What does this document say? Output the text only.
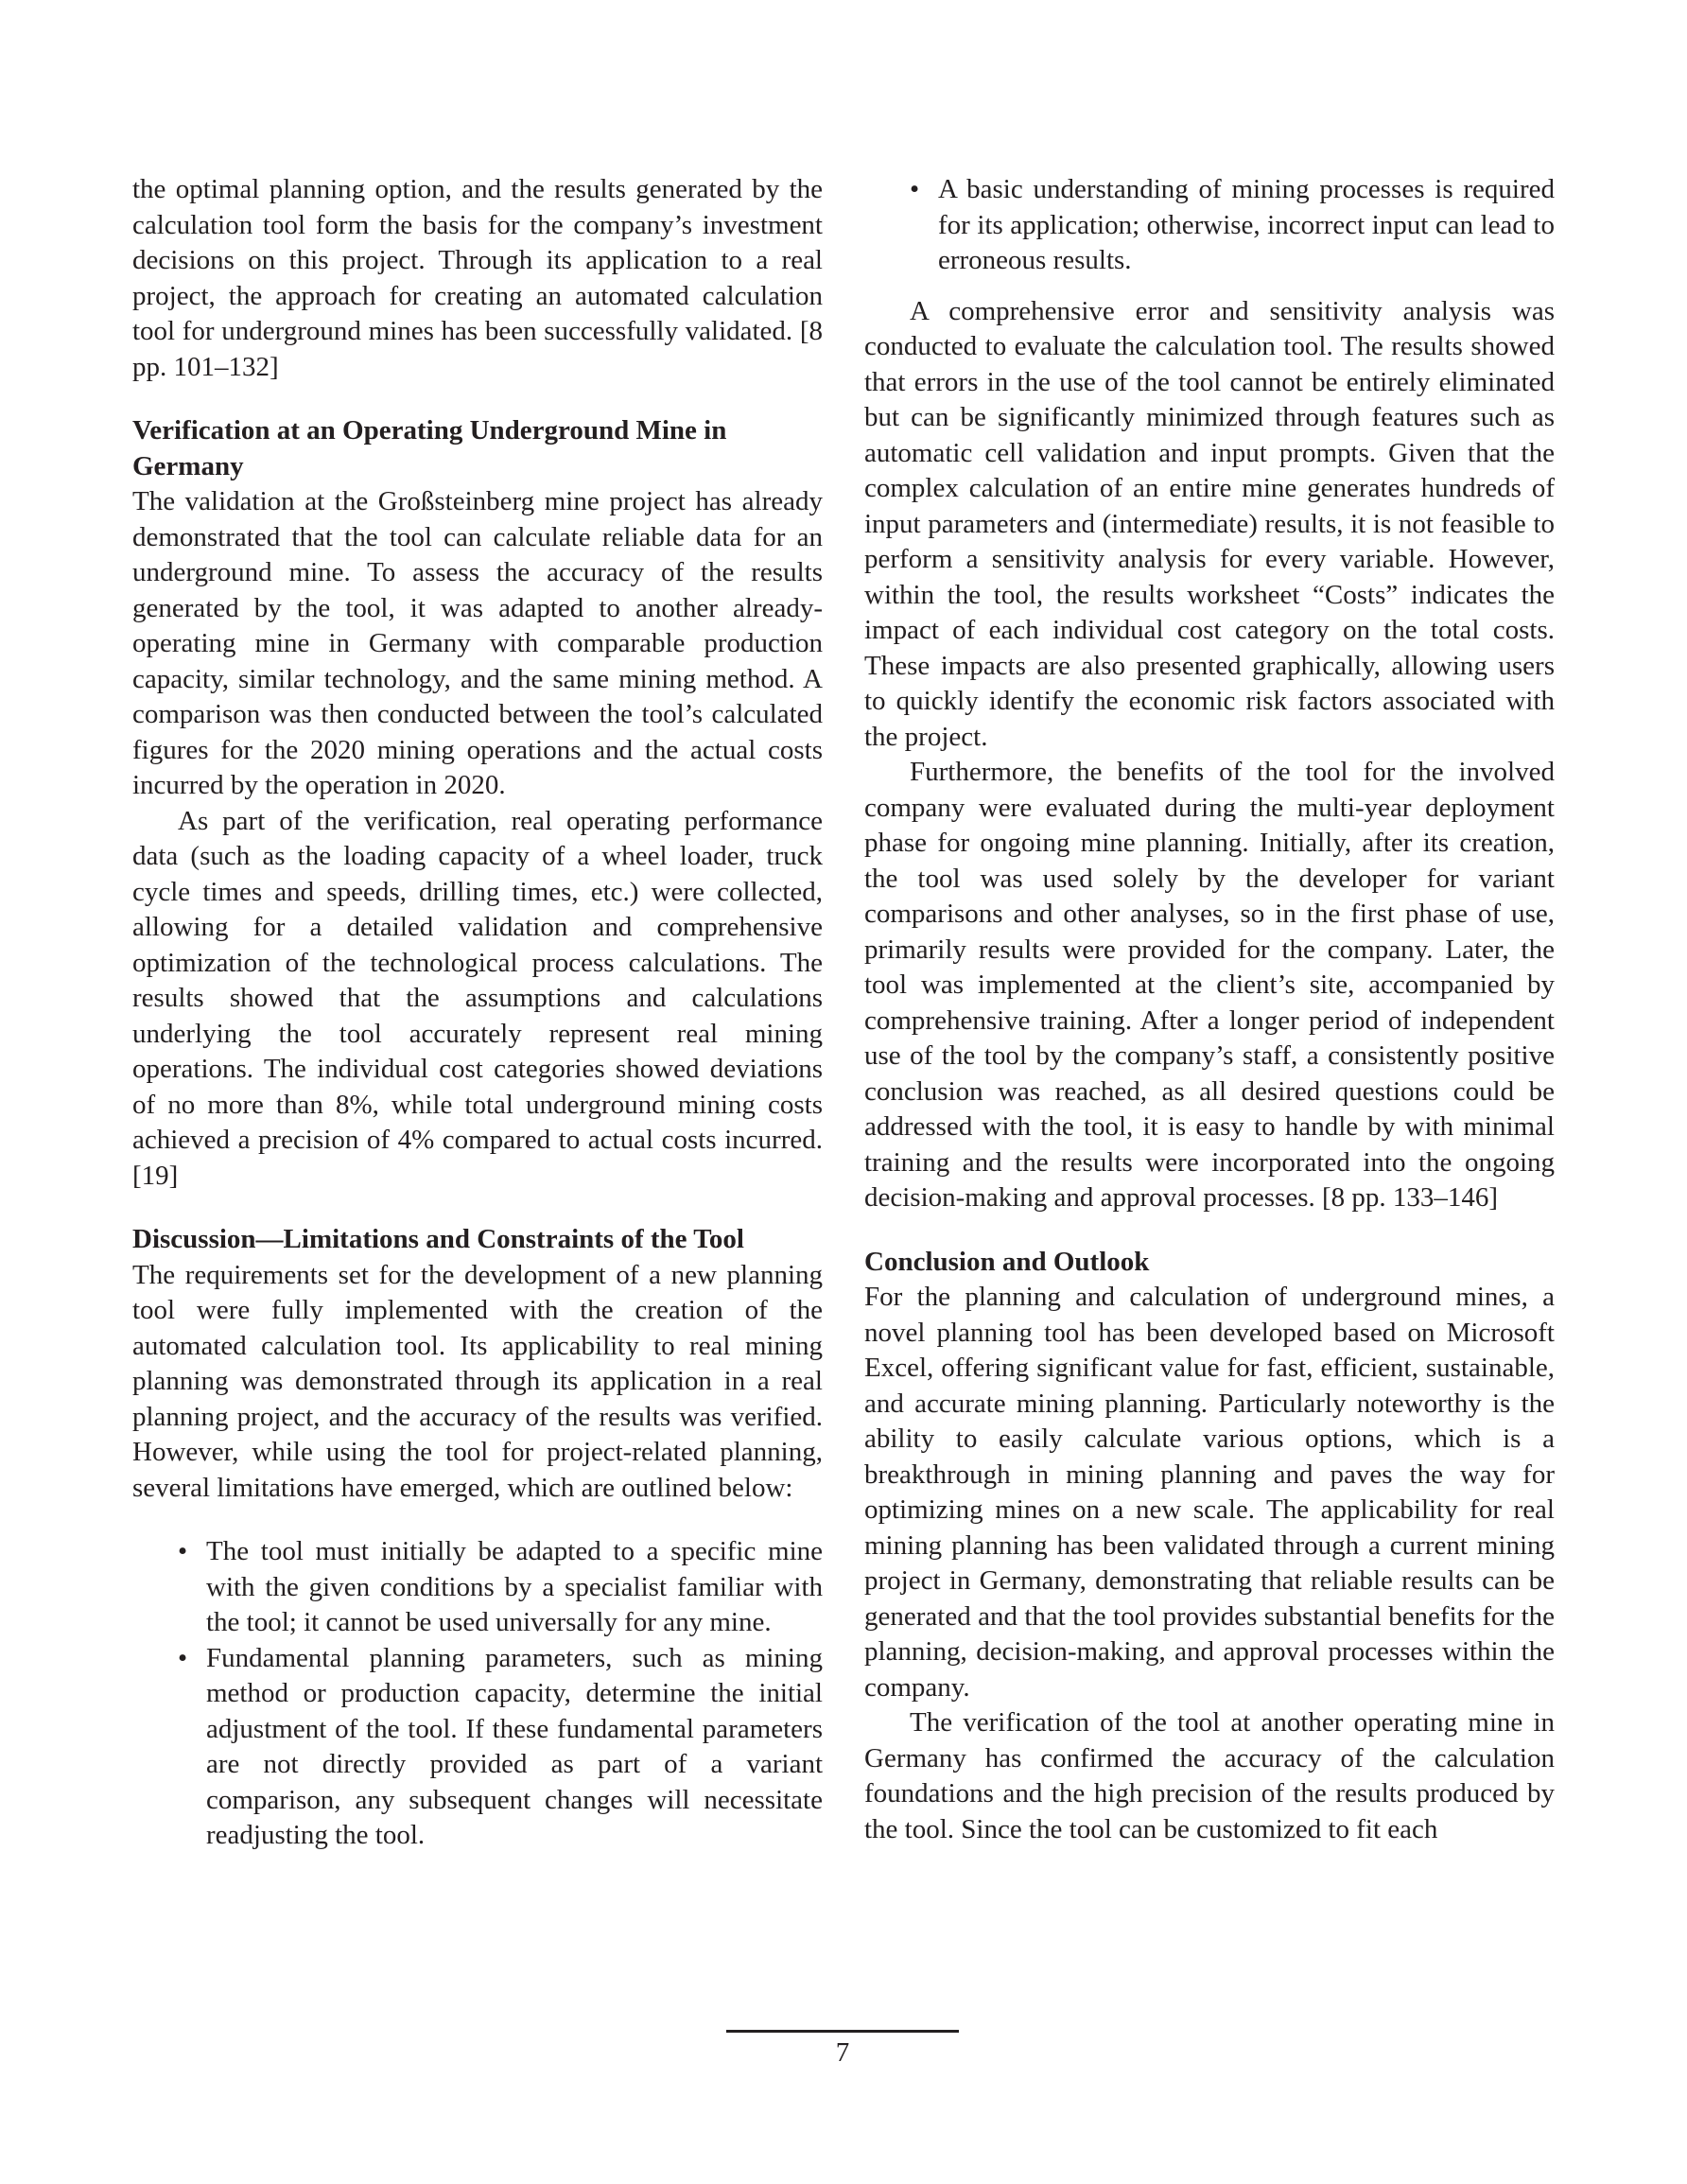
the optimal planning option, and the results generated by the calculation tool form the basis for the company’s investment decisions on this project. Through its application to a real project, the approach for creating an automated calculation tool for underground mines has been successfully validated. [8 pp. 101–132]

Verification at an Operating Underground Mine in Germany

The validation at the Großsteinberg mine project has already demonstrated that the tool can calculate reliable data for an underground mine. To assess the accuracy of the results generated by the tool, it was adapted to another already-operating mine in Germany with comparable production capacity, similar technology, and the same mining method. A comparison was then conducted between the tool’s calculated figures for the 2020 mining operations and the actual costs incurred by the operation in 2020.

As part of the verification, real operating performance data (such as the loading capacity of a wheel loader, truck cycle times and speeds, drilling times, etc.) were collected, allowing for a detailed validation and comprehensive optimization of the technological process calculations. The results showed that the assumptions and calculations underlying the tool accurately represent real mining operations. The individual cost categories showed deviations of no more than 8%, while total underground mining costs achieved a precision of 4% compared to actual costs incurred. [19]

Discussion—Limitations and Constraints of the Tool

The requirements set for the development of a new planning tool were fully implemented with the creation of the automated calculation tool. Its applicability to real mining planning was demonstrated through its application in a real planning project, and the accuracy of the results was verified. However, while using the tool for project-related planning, several limitations have emerged, which are outlined below:

• The tool must initially be adapted to a specific mine with the given conditions by a specialist familiar with the tool; it cannot be used universally for any mine.
• Fundamental planning parameters, such as mining method or production capacity, determine the initial adjustment of the tool. If these fundamental parameters are not directly provided as part of a variant comparison, any subsequent changes will necessitate readjusting the tool.
• A basic understanding of mining processes is required for its application; otherwise, incorrect input can lead to erroneous results.

A comprehensive error and sensitivity analysis was conducted to evaluate the calculation tool. The results showed that errors in the use of the tool cannot be entirely eliminated but can be significantly minimized through features such as automatic cell validation and input prompts. Given that the complex calculation of an entire mine generates hundreds of input parameters and (intermediate) results, it is not feasible to perform a sensitivity analysis for every variable. However, within the tool, the results worksheet “Costs” indicates the impact of each individual cost category on the total costs. These impacts are also presented graphically, allowing users to quickly identify the economic risk factors associated with the project.

Furthermore, the benefits of the tool for the involved company were evaluated during the multi-year deployment phase for ongoing mine planning. Initially, after its creation, the tool was used solely by the developer for variant comparisons and other analyses, so in the first phase of use, primarily results were provided for the company. Later, the tool was implemented at the client’s site, accompanied by comprehensive training. After a longer period of independent use of the tool by the company’s staff, a consistently positive conclusion was reached, as all desired questions could be addressed with the tool, it is easy to handle by with minimal training and the results were incorporated into the ongoing decision-making and approval processes. [8 pp. 133–146]

Conclusion and Outlook

For the planning and calculation of underground mines, a novel planning tool has been developed based on Microsoft Excel, offering significant value for fast, efficient, sustainable, and accurate mining planning. Particularly noteworthy is the ability to easily calculate various options, which is a breakthrough in mining planning and paves the way for optimizing mines on a new scale. The applicability for real mining planning has been validated through a current mining project in Germany, demonstrating that reliable results can be generated and that the tool provides substantial benefits for the planning, decision-making, and approval processes within the company.

The verification of the tool at another operating mine in Germany has confirmed the accuracy of the calculation foundations and the high precision of the results produced by the tool. Since the tool can be customized to fit each

7
